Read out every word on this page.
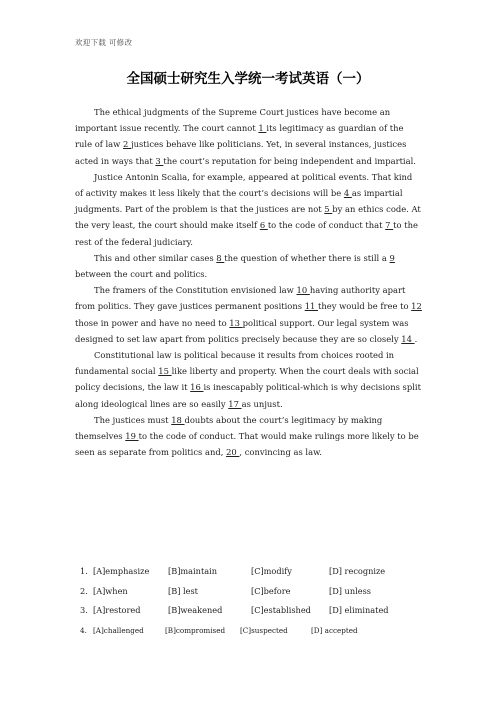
欢迎下载 可修改
全国硕士研究生入学统一考试英语（一）

The ethical judgments of the Supreme Court justices have become an important issue recently. The court cannot 1 its legitimacy as guardian of the rule of law 2 justices behave like politicians. Yet, in several instances, justices acted in ways that 3 the court’s reputation for being independent and impartial.

Justice Antonin Scalia, for example, appeared at political events. That kind of activity makes it less likely that the court’s decisions will be 4 as impartial judgments. Part of the problem is that the justices are not 5 by an ethics code. At the very least, the court should make itself 6 to the code of conduct that 7 to the rest of the federal judiciary.

This and other similar cases 8 the question of whether there is still a 9 between the court and politics.

The framers of the Constitution envisioned law 10 having authority apart from politics. They gave justices permanent positions 11 they would be free to 12 those in power and have no need to 13 political support. Our legal system was designed to set law apart from politics precisely because they are so closely 14 .

Constitutional law is political because it results from choices rooted in fundamental social 15 like liberty and property. When the court deals with social policy decisions, the law it 16 is inescapably political-which is why decisions split along ideological lines are so easily 17 as unjust.

The justices must 18 doubts about the court’s legitimacy by making themselves 19 to the code of conduct. That would make rulings more likely to be seen as separate from politics and, 20 , convincing as law.

1. [A]emphasize	[B]maintain	[C]modify	[D] recognize
2. [A]when	[B] lest	[C]before	[D] unless
3. [A]restored	[B]weakened	[C]established	[D] eliminated
4. [A]challenged	[B]compromised	[C]suspected	[D] accepted
